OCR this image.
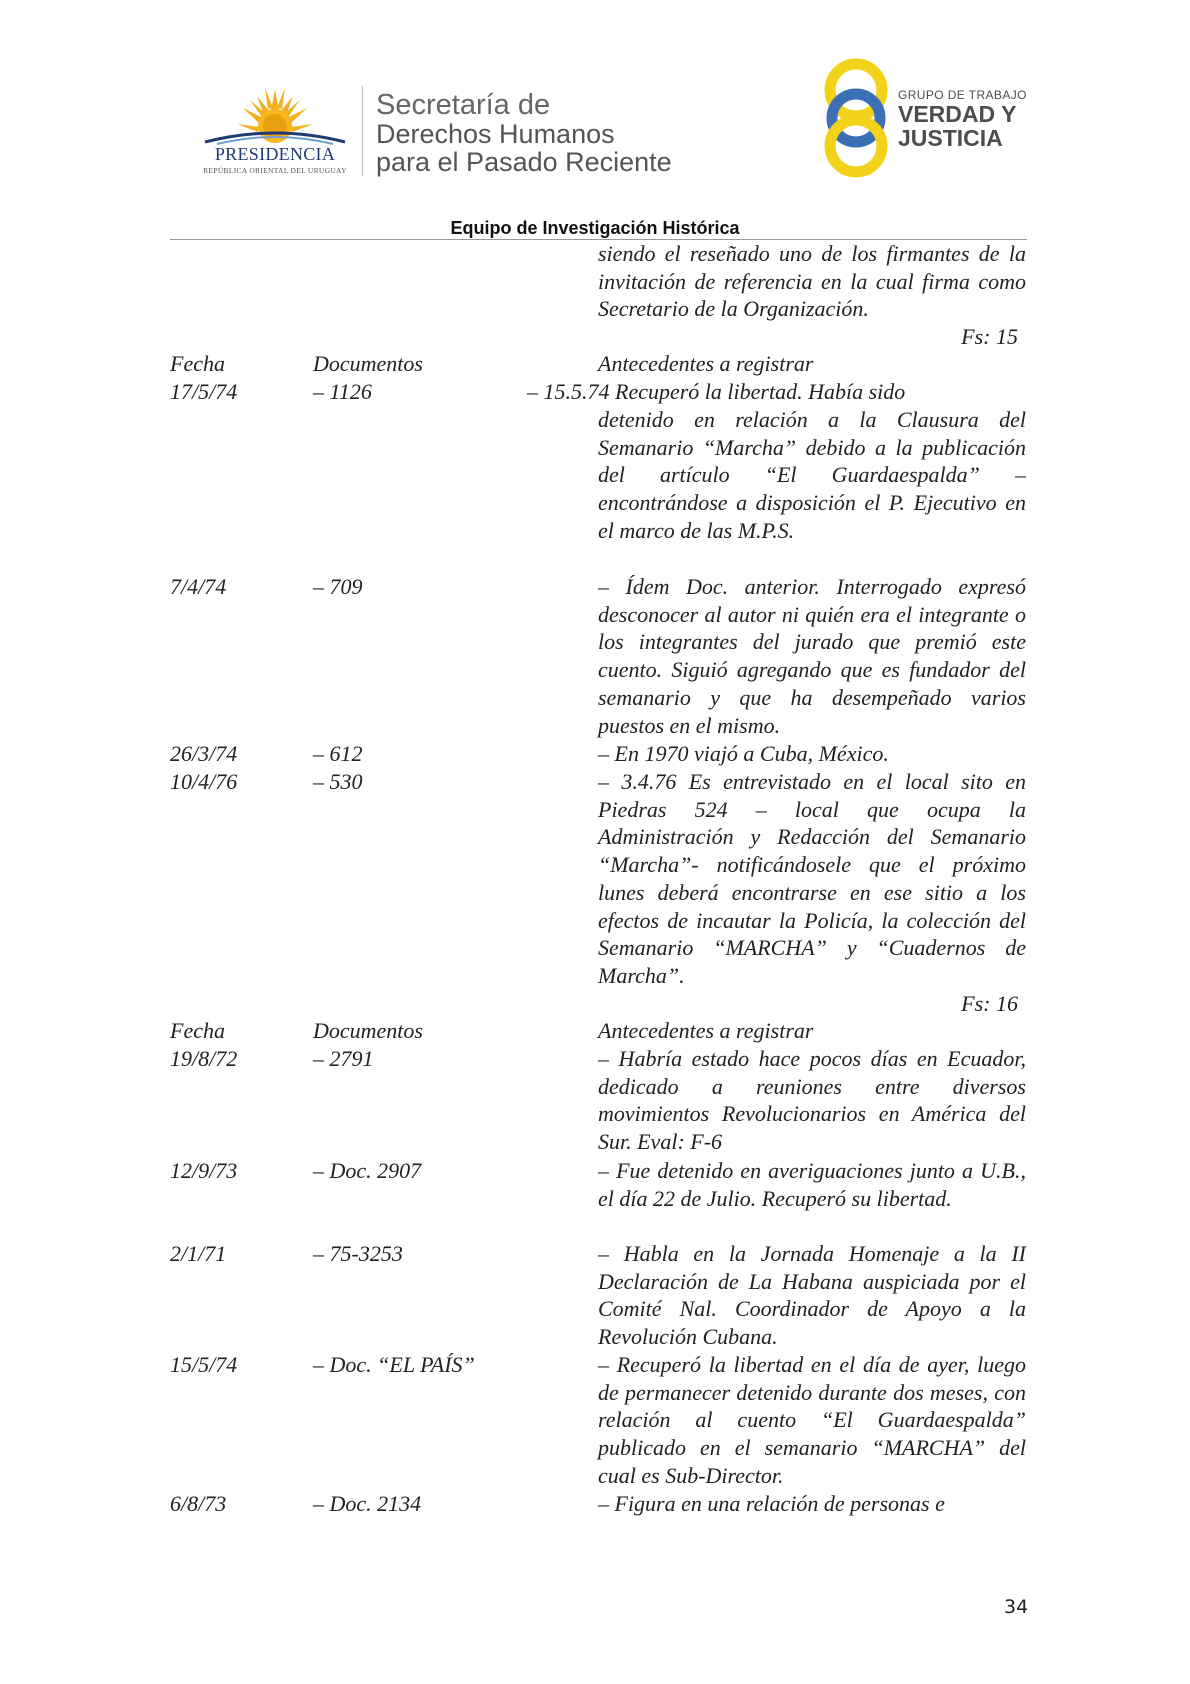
PRESIDENCIA
REPÚBLICA ORIENTAL DEL URUGUAY
Secretaría de
Derechos Humanos
para el Pasado Reciente
GRUPO DE TRABAJO
VERDAD Y
JUSTICIA
Equipo de Investigación Histórica
siendo el reseñado uno de los firmantes de la invitación de referencia en la cual firma como Secretario de la Organización.
Fs: 15
Fecha	Documentos	Antecedentes a registrar
17/5/74	– 1126	– 15.5.74 Recuperó la libertad. Había sido
detenido en relación a la Clausura del Semanario “Marcha” debido a la publicación del artículo “El Guardaespalda” –encontrándose a disposición el P. Ejecutivo en el marco de las M.P.S.
7/4/74	– 709	– Ídem Doc. anterior. Interrogado expresó desconocer al autor ni quién era el integrante o los integrantes del jurado que premió este cuento. Siguió agregando que es fundador del semanario y que ha desempeñado varios puestos en el mismo.
26/3/74	– 612	– En 1970 viajó a Cuba, México.
10/4/76	– 530	– 3.4.76 Es entrevistado en el local sito en Piedras 524 – local que ocupa la Administración y Redacción del Semanario “Marcha”- notificándosele que el próximo lunes deberá encontrarse en ese sitio a los efectos de incautar la Policía, la colección del Semanario “MARCHA” y “Cuadernos de Marcha”.
Fs: 16
Fecha	Documentos	Antecedentes a registrar
19/8/72	– 2791	– Habría estado hace pocos días en Ecuador, dedicado a reuniones entre diversos movimientos Revolucionarios en América del Sur. Eval: F-6
12/9/73	– Doc. 2907	– Fue detenido en averiguaciones junto a U.B., el día 22 de Julio. Recuperó su libertad.
2/1/71	– 75-3253	– Habla en la Jornada Homenaje a la II Declaración de La Habana auspiciada por el Comité Nal. Coordinador de Apoyo a la Revolución Cubana.
15/5/74	– Doc. “EL PAÍS”	– Recuperó la libertad en el día de ayer, luego de permanecer detenido durante dos meses, con relación al cuento “El Guardaespalda” publicado en el semanario “MARCHA” del cual es Sub-Director.
6/8/73	– Doc. 2134	– Figura en una relación de personas e
34
